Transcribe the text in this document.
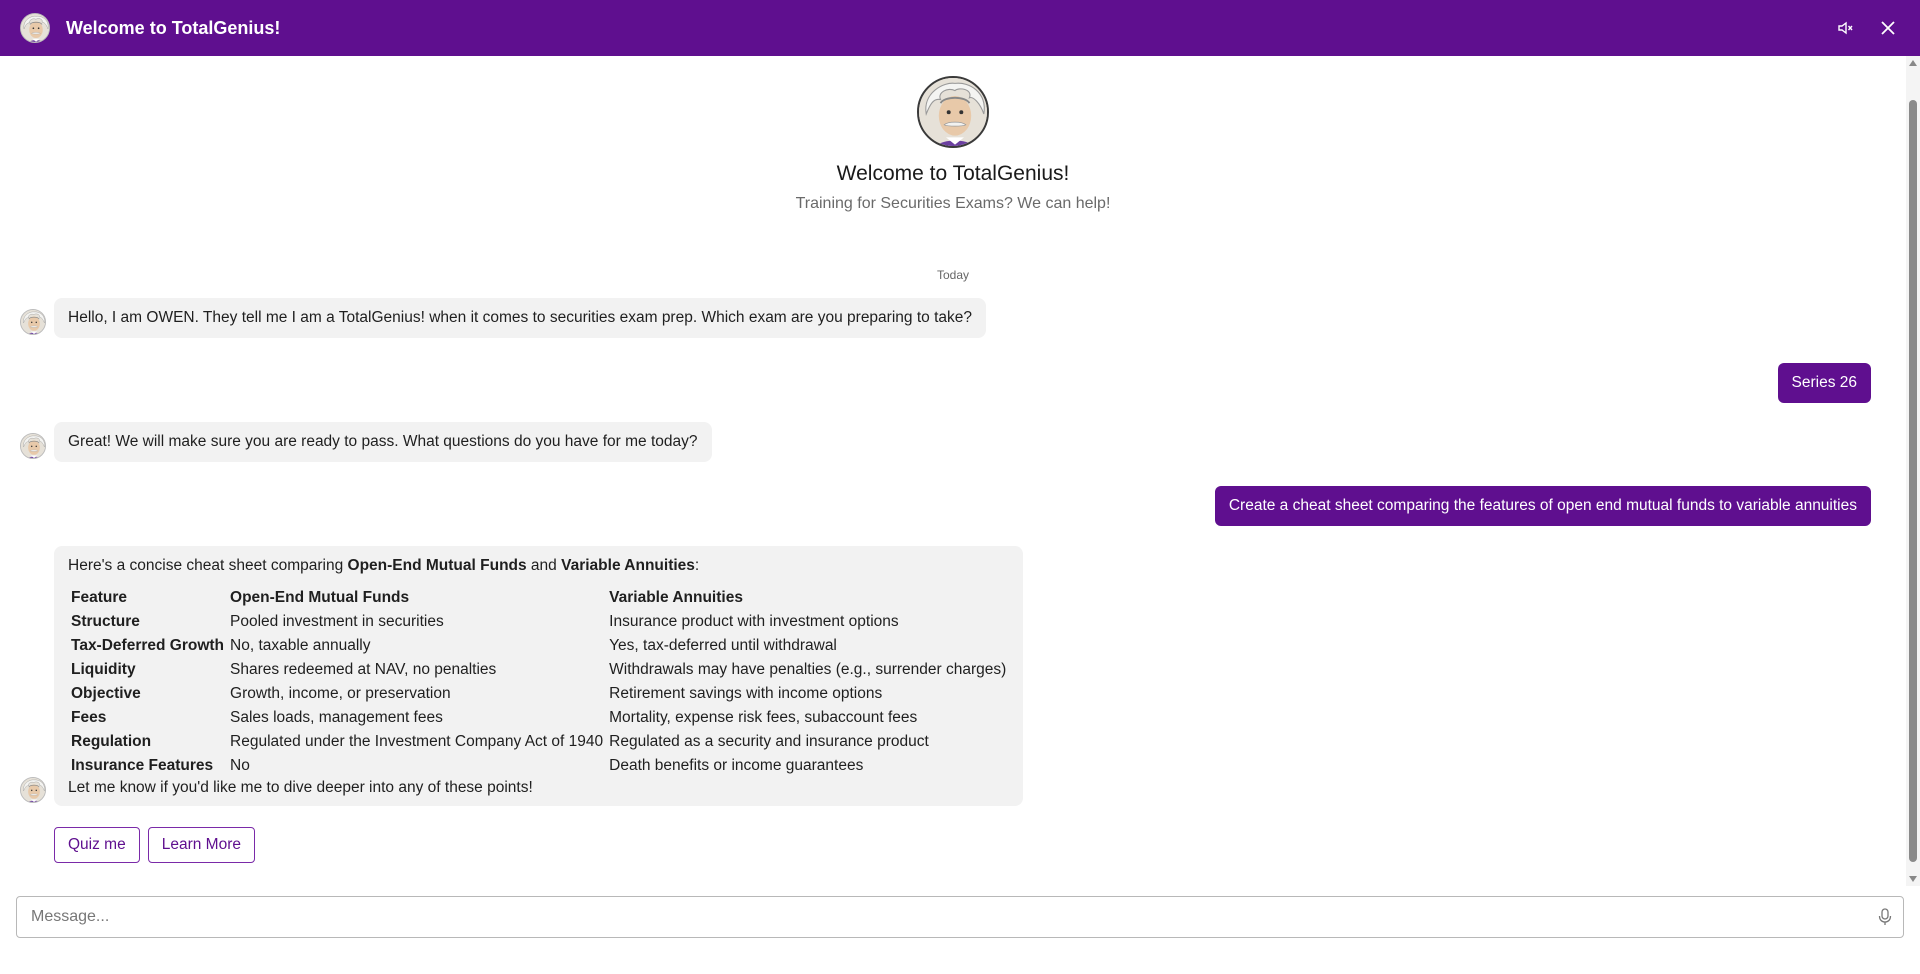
Welcome to TotalGenius!
Welcome to TotalGenius!
Training for Securities Exams? We can help!
Today
Hello, I am OWEN. They tell me I am a TotalGenius! when it comes to securities exam prep. Which exam are you preparing to take?
Series 26
Great! We will make sure you are ready to pass. What questions do you have for me today?
Create a cheat sheet comparing the features of open end mutual funds to variable annuities
Here's a concise cheat sheet comparing Open-End Mutual Funds and Variable Annuities:
Feature	Open-End Mutual Funds	Variable Annuities
Structure	Pooled investment in securities	Insurance product with investment options
Tax-Deferred Growth	No, taxable annually	Yes, tax-deferred until withdrawal
Liquidity	Shares redeemed at NAV, no penalties	Withdrawals may have penalties (e.g., surrender charges)
Objective	Growth, income, or preservation	Retirement savings with income options
Fees	Sales loads, management fees	Mortality, expense risk fees, subaccount fees
Regulation	Regulated under the Investment Company Act of 1940	Regulated as a security and insurance product
Insurance Features	No	Death benefits or income guarantees
Let me know if you'd like me to dive deeper into any of these points!
Quiz me	Learn More
Message...
